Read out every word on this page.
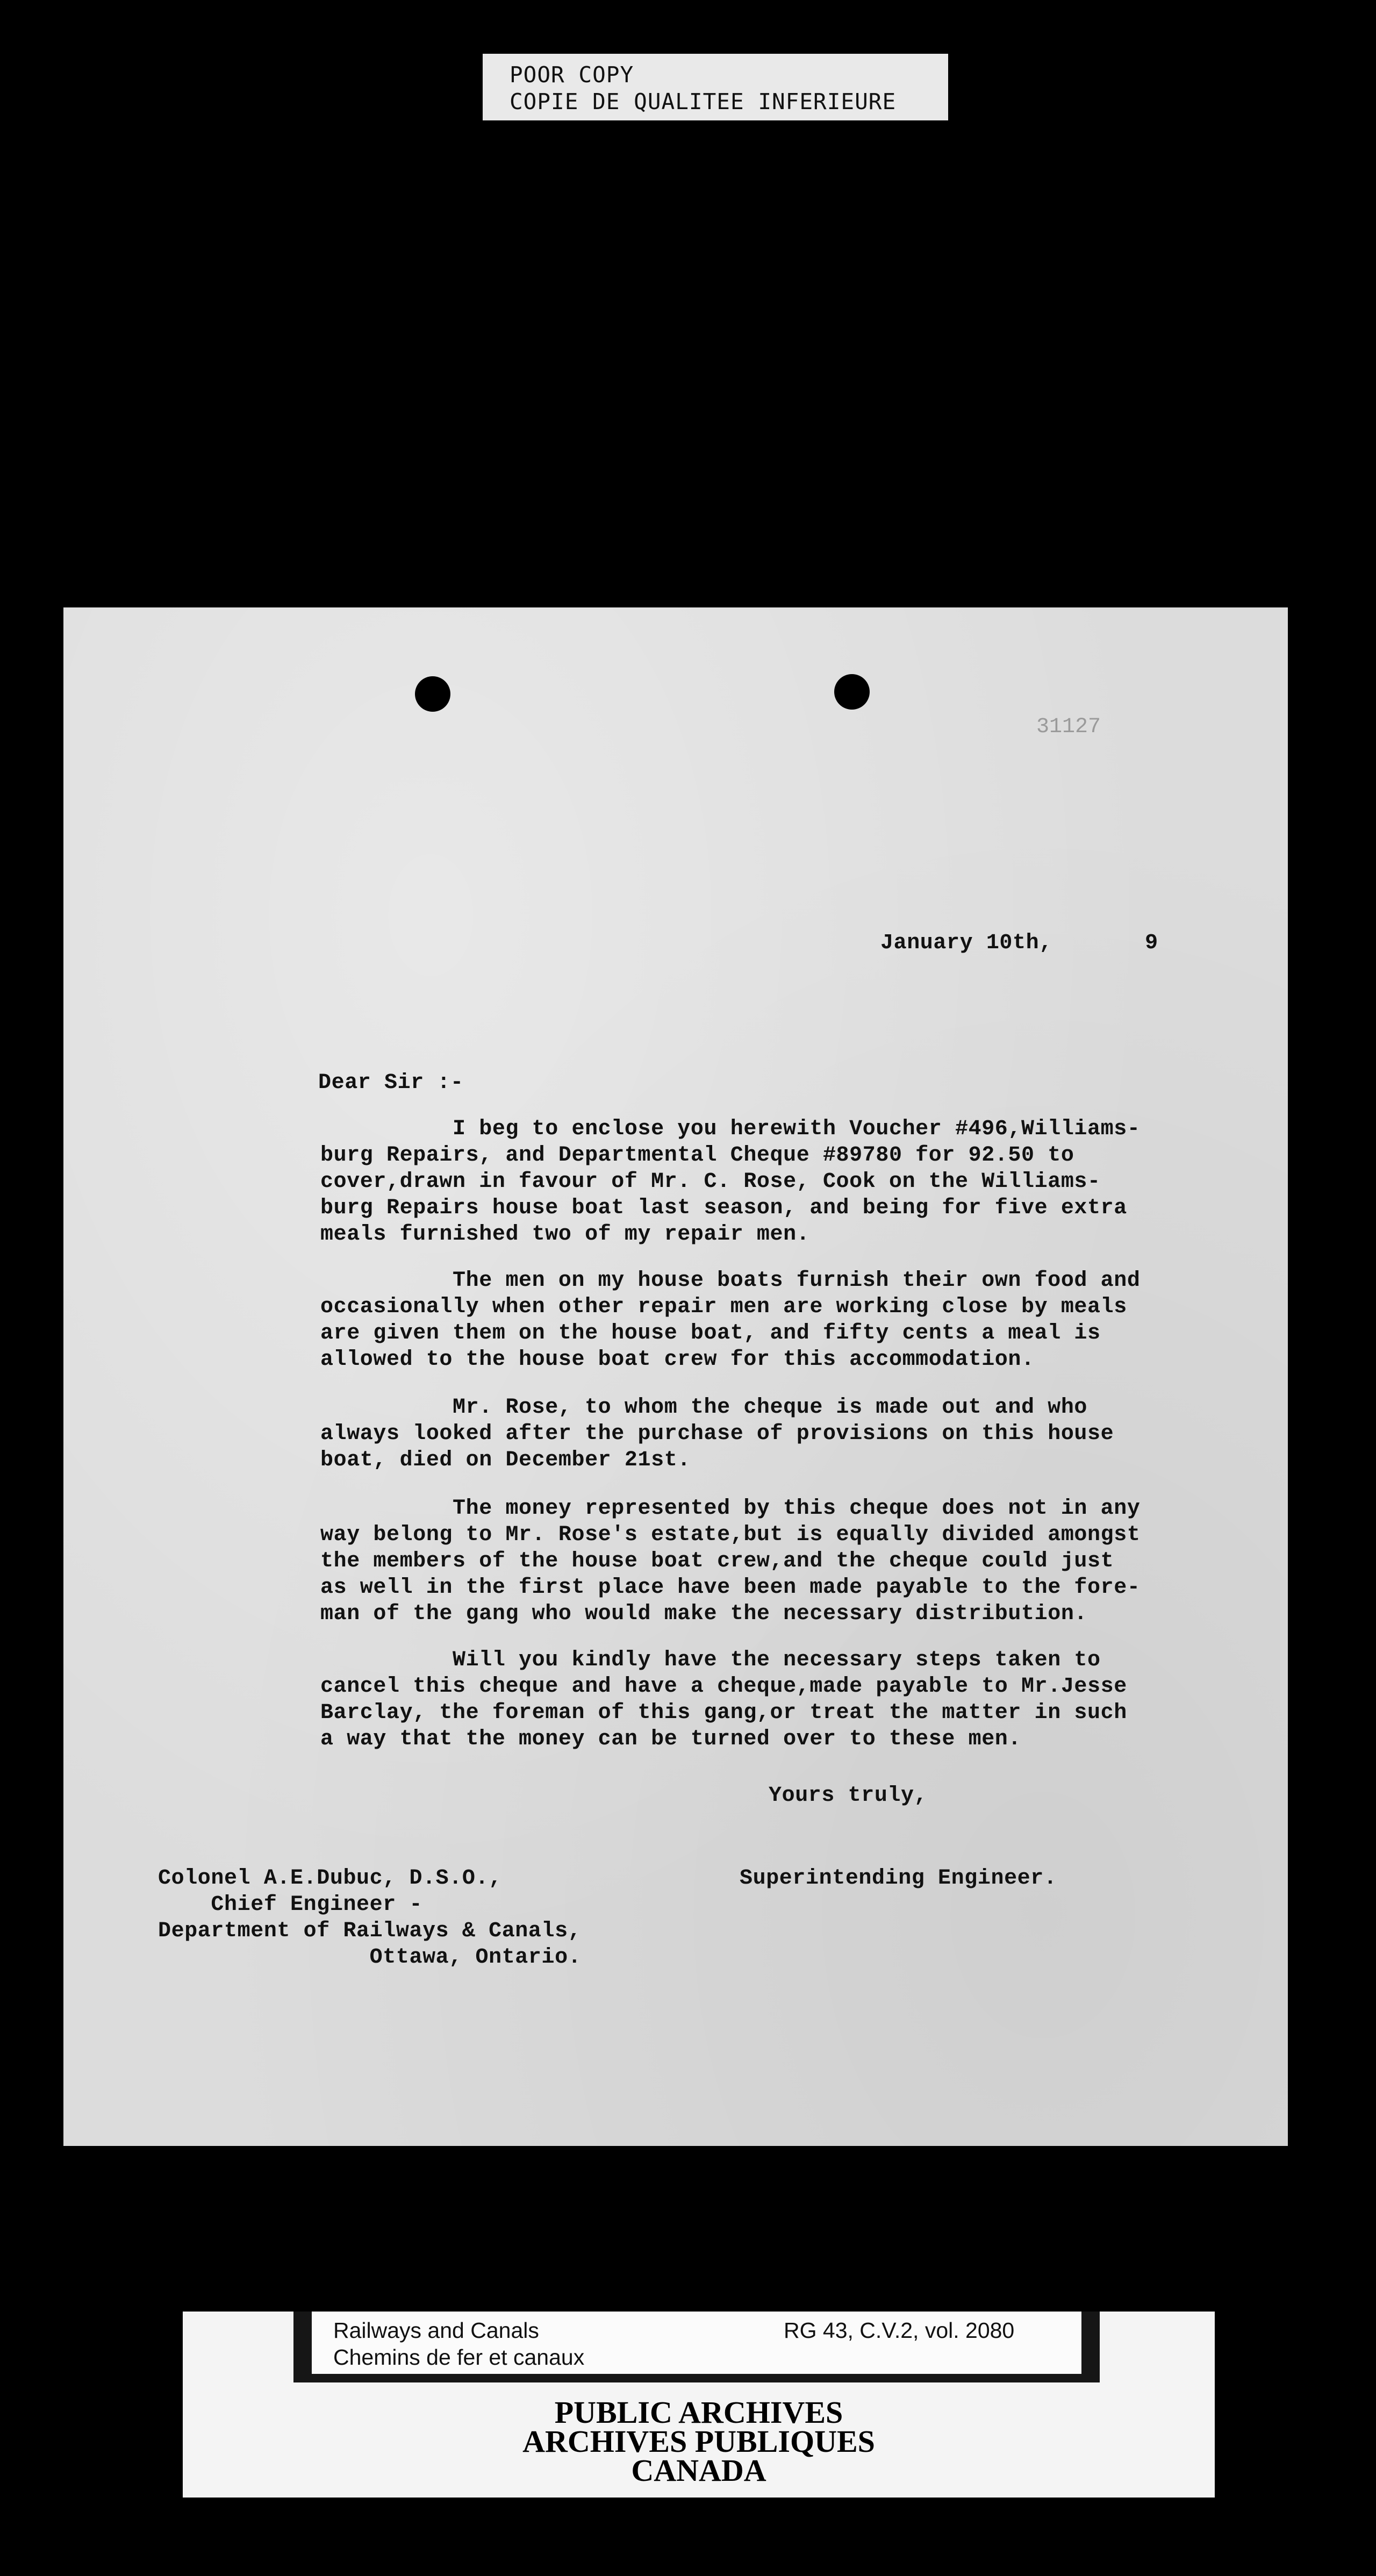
POOR COPY
COPIE DE QUALITEE INFERIEURE
31127
January 10th,       9
Dear Sir :-
I beg to enclose you herewith Voucher #496,Williams-
burg Repairs, and Departmental Cheque #89780 for 92.50 to
cover,drawn in favour of Mr. C. Rose, Cook on the Williams-
burg Repairs house boat last season, and being for five extra
meals furnished two of my repair men.
The men on my house boats furnish their own food and
occasionally when other repair men are working close by meals
are given them on the house boat, and fifty cents a meal is
allowed to the house boat crew for this accommodation.
Mr. Rose, to whom the cheque is made out and who
always looked after the purchase of provisions on this house
boat, died on December 21st.
The money represented by this cheque does not in any
way belong to Mr. Rose's estate,but is equally divided amongst
the members of the house boat crew,and the cheque could just
as well in the first place have been made payable to the fore-
man of the gang who would make the necessary distribution.
Will you kindly have the necessary steps taken to
cancel this cheque and have a cheque,made payable to Mr.Jesse
Barclay, the foreman of this gang,or treat the matter in such
a way that the money can be turned over to these men.
Yours truly,
Superintending Engineer.
Colonel A.E.Dubuc, D.S.O.,
Chief Engineer -
Department of Railways & Canals,
Ottawa, Ontario.
Railways and Canals
Chemins de fer et canaux
RG 43, C.V.2, vol. 2080
PUBLIC ARCHIVES
ARCHIVES PUBLIQUES
CANADA
